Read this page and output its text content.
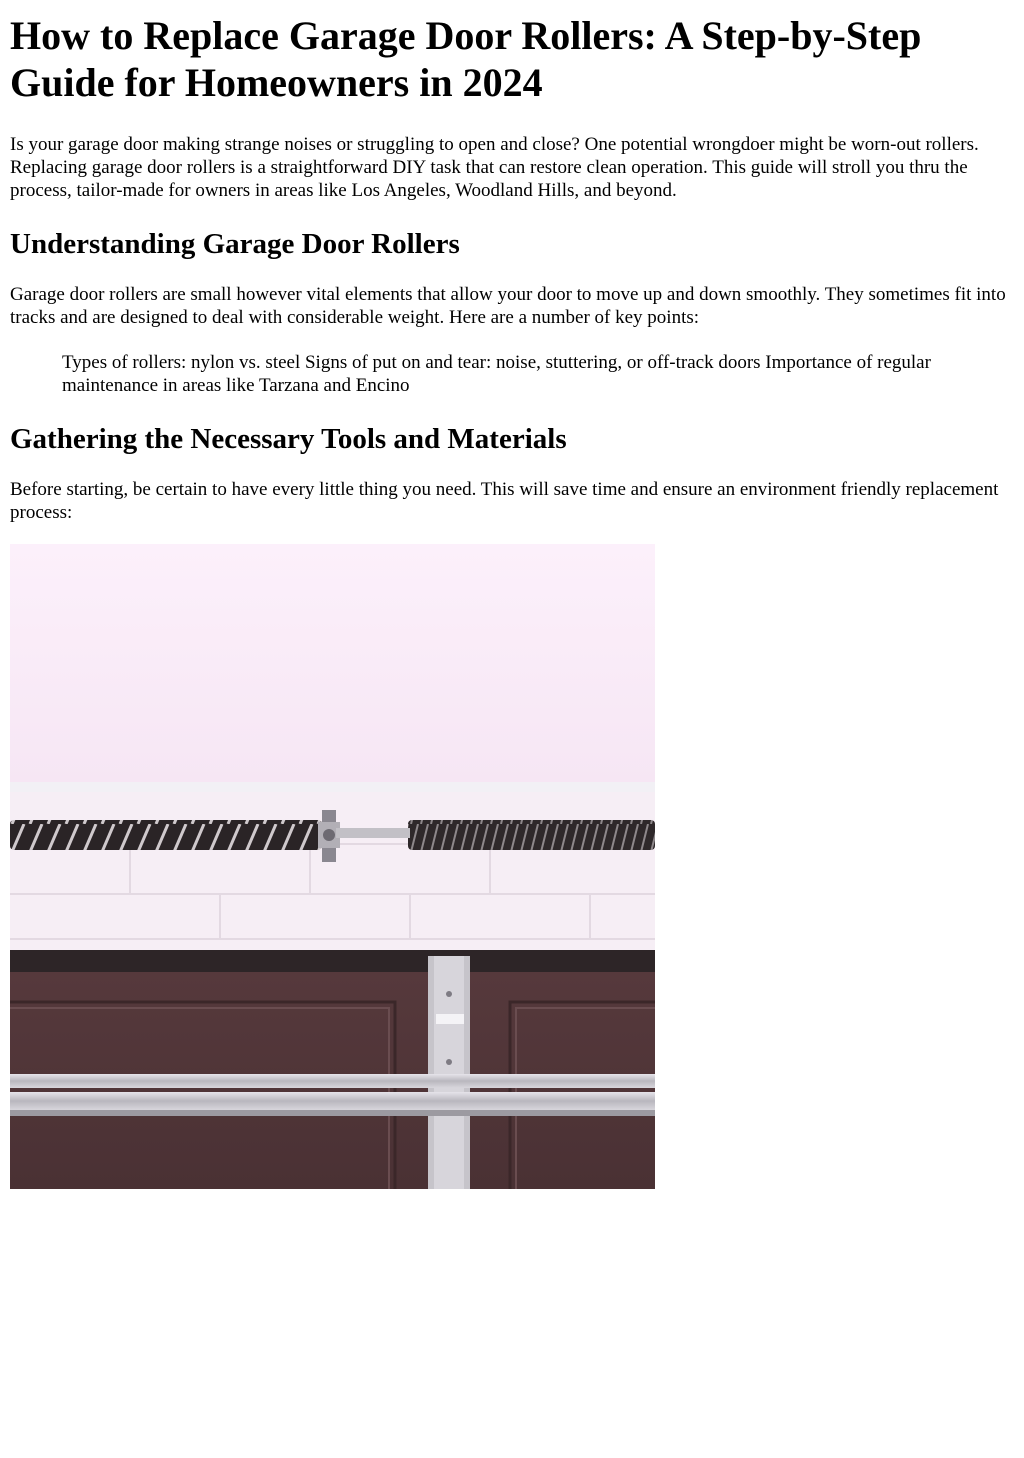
How to Replace Garage Door Rollers: A Step-by-Step Guide for Homeowners in 2024

Is your garage door making strange noises or struggling to open and close? One potential wrongdoer might be worn-out rollers. Replacing garage door rollers is a straightforward DIY task that can restore clean operation. This guide will stroll you thru the process, tailor-made for owners in areas like Los Angeles, Woodland Hills, and beyond.

Understanding Garage Door Rollers

Garage door rollers are small however vital elements that allow your door to move up and down smoothly. They sometimes fit into tracks and are designed to deal with considerable weight. Here are a number of key points:

Types of rollers: nylon vs. steel Signs of put on and tear: noise, stuttering, or off-track doors Importance of regular maintenance in areas like Tarzana and Encino
Gathering the Necessary Tools and Materials

Before starting, be certain to have every little thing you need. This will save time and ensure an environment friendly replacement process:
